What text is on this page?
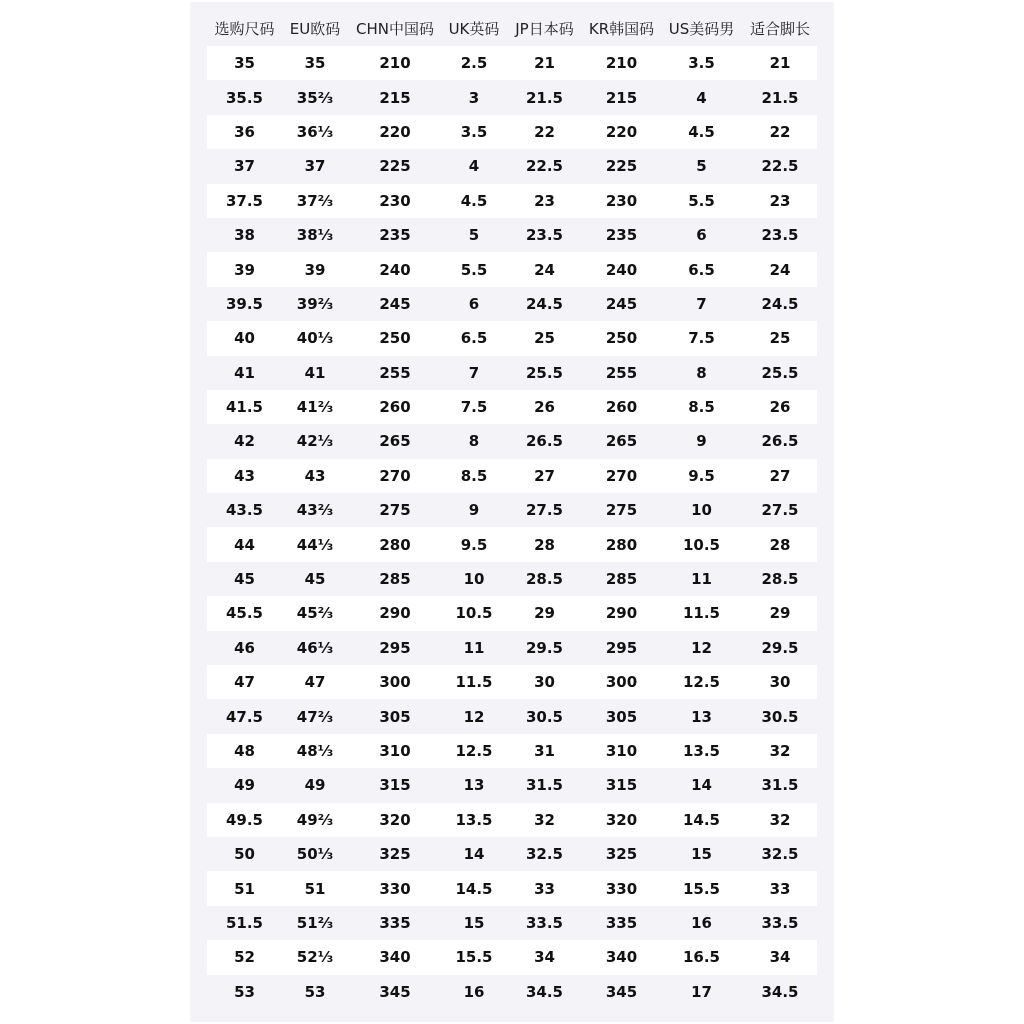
选购尺码	EU欧码	CHN中国码	UK英码	JP日本码	KR韩国码	US美码男	适合脚长
35	35	210	2.5	21	210	3.5	21
35.5	35⅔	215	3	21.5	215	4	21.5
36	36⅓	220	3.5	22	220	4.5	22
37	37	225	4	22.5	225	5	22.5
37.5	37⅔	230	4.5	23	230	5.5	23
38	38⅓	235	5	23.5	235	6	23.5
39	39	240	5.5	24	240	6.5	24
39.5	39⅔	245	6	24.5	245	7	24.5
40	40⅓	250	6.5	25	250	7.5	25
41	41	255	7	25.5	255	8	25.5
41.5	41⅔	260	7.5	26	260	8.5	26
42	42⅓	265	8	26.5	265	9	26.5
43	43	270	8.5	27	270	9.5	27
43.5	43⅔	275	9	27.5	275	10	27.5
44	44⅓	280	9.5	28	280	10.5	28
45	45	285	10	28.5	285	11	28.5
45.5	45⅔	290	10.5	29	290	11.5	29
46	46⅓	295	11	29.5	295	12	29.5
47	47	300	11.5	30	300	12.5	30
47.5	47⅔	305	12	30.5	305	13	30.5
48	48⅓	310	12.5	31	310	13.5	32
49	49	315	13	31.5	315	14	31.5
49.5	49⅔	320	13.5	32	320	14.5	32
50	50⅓	325	14	32.5	325	15	32.5
51	51	330	14.5	33	330	15.5	33
51.5	51⅔	335	15	33.5	335	16	33.5
52	52⅓	340	15.5	34	340	16.5	34
53	53	345	16	34.5	345	17	34.5
